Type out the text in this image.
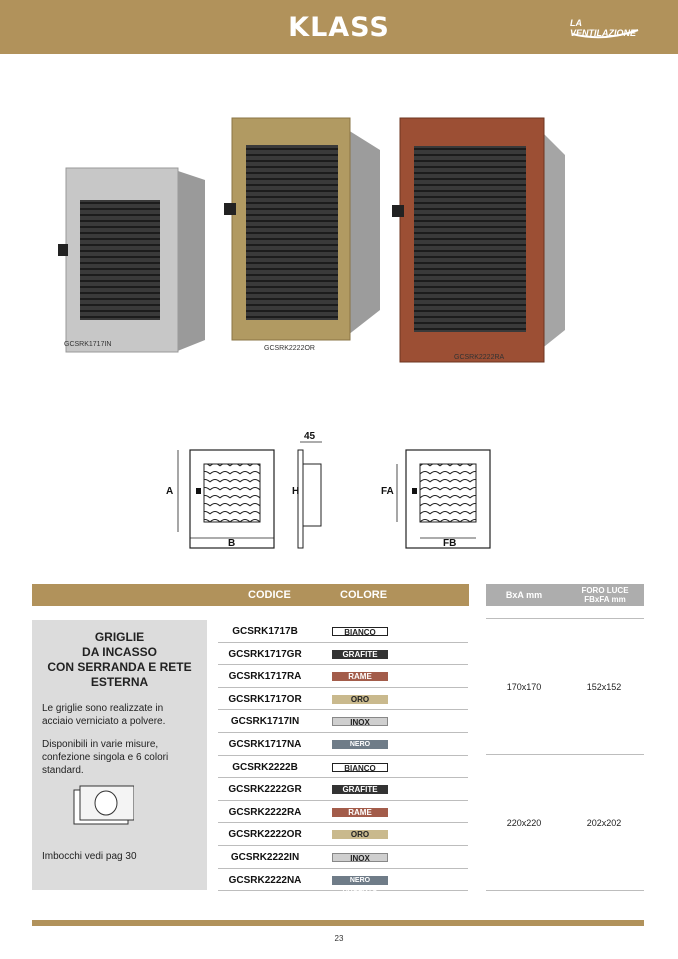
KLASS	LA VENTILAZIONE
GCSRK1717IN
GCSRK2222OR
GCSRK2222RA
A
B
45
H	FA
FB
CODICE	COLORE	BxA mm	FORO LUCE
FBxFA mm
GRIGLIE
DA INCASSO
CON SERRANDA E RETE
ESTERNA
Le griglie sono realizzate in
acciaio verniciato a polvere.
Disponibili in varie misure,
confezione singola e 6 colori
standard.
Imbocchi vedi pag 30
GCSRK1717B	BIANCO
GCSRK1717GR	GRAFITE
GCSRK1717RA	RAME
GCSRK1717OR	ORO
GCSRK1717IN	INOX
GCSRK1717NA	NERO ARGENTO
GCSRK2222B	BIANCO
GCSRK2222GR	GRAFITE
GCSRK2222RA	RAME
GCSRK2222OR	ORO
GCSRK2222IN	INOX
GCSRK2222NA	NERO ARGENTO
170x170	152x152
220x220	202x202
23
